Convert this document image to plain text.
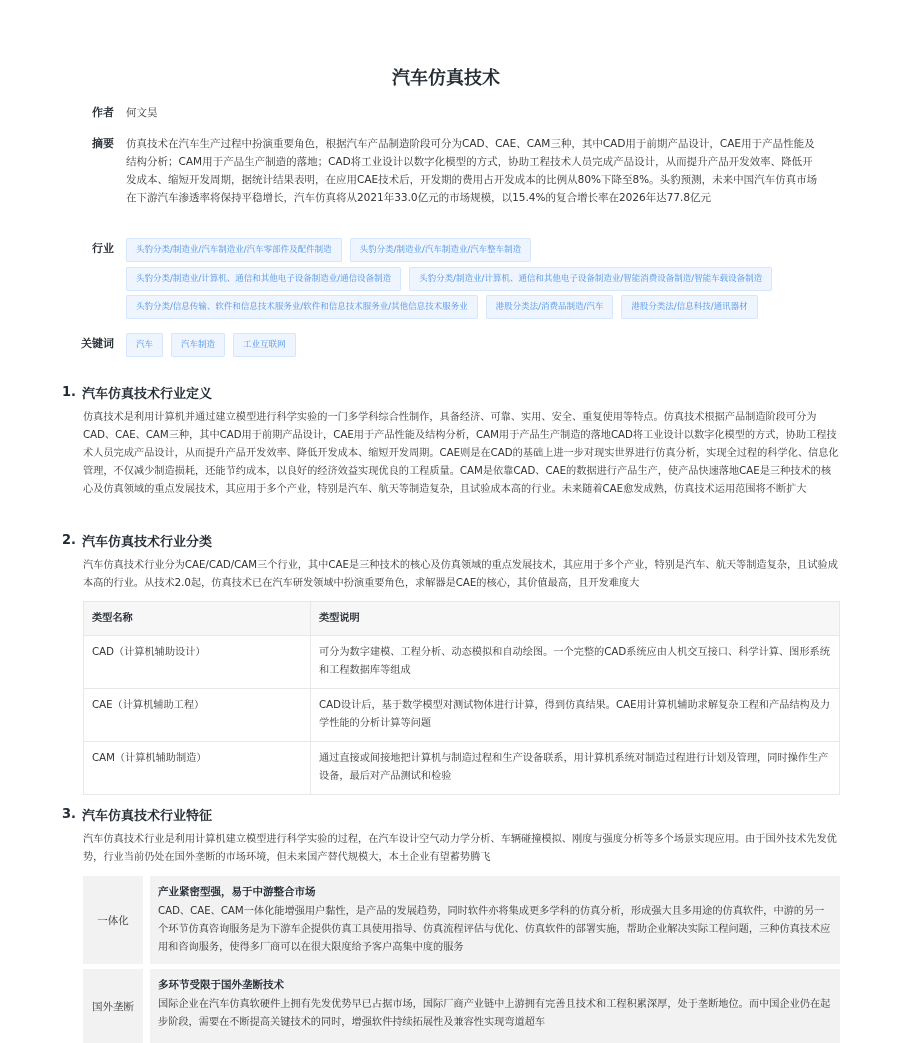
汽车仿真技术
作者 何文昊
摘要 仿真技术在汽车生产过程中扮演重要角色，根据汽车产品制造阶段可分为CAD、CAE、CAM三种，其中CAD用于前期产品设计，CAE用于产品性能及结构分析；CAM用于产品生产制造的落地；CAD将工业设计以数字化模型的方式，协助工程技术人员完成产品设计，从而提升产品开发效率、降低开发成本、缩短开发周期，据统计结果表明，在应用CAE技术后，开发期的费用占开发成本的比例从80%下降至8%。头豹预测，未来中国汽车仿真市场在下游汽车渗透率将保持平稳增长，汽车仿真将从2021年33.0亿元的市场规模，以15.4%的复合增长率在2026年达77.8亿元
行业	头豹分类/制造业/汽车制造业/汽车零部件及配件制造	头豹分类/制造业/汽车制造业/汽车整车制造
头豹分类/制造业/计算机、通信和其他电子设备制造业/通信设备制造	头豹分类/制造业/计算机、通信和其他电子设备制造业/智能消费设备制造/智能车载设备制造
头豹分类/信息传输、软件和信息技术服务业/软件和信息技术服务业/其他信息技术服务业	港股分类法/消费品制造/汽车	港股分类法/信息科技/通讯器材
关键词	汽车	汽车制造	工业互联网
1. 汽车仿真技术行业定义
仿真技术是利用计算机并通过建立模型进行科学实验的一门多学科综合性制作，具备经济、可靠、实用、安全、重复使用等特点。仿真技术根据产品制造阶段可分为CAD、CAE、CAM三种，其中CAD用于前期产品设计，CAE用于产品性能及结构分析，CAM用于产品生产制造的落地CAD将工业设计以数字化模型的方式，协助工程技术人员完成产品设计，从而提升产品开发效率、降低开发成本、缩短开发周期。CAE则是在CAD的基础上进一步对现实世界进行仿真分析，实现全过程的科学化、信息化管理，不仅减少制造损耗，还能节约成本，以良好的经济效益实现优良的工程质量。CAM是依靠CAD、CAE的数据进行产品生产，使产品快速落地CAE是三种技术的核心及仿真领域的重点发展技术，其应用于多个产业，特别是汽车、航天等制造复杂，且试验成本高的行业。未来随着CAE愈发成熟，仿真技术运用范围将不断扩大
2. 汽车仿真技术行业分类
汽车仿真技术行业分为CAE/CAD/CAM三个行业，其中CAE是三种技术的核心及仿真领域的重点发展技术，其应用于多个产业，特别是汽车、航天等制造复杂，且试验成本高的行业。从技术2.0起，仿真技术已在汽车研发领域中扮演重要角色，求解器是CAE的核心，其价值最高，且开发难度大
类型名称	类型说明
CAD（计算机辅助设计）	可分为数字建模、工程分析、动态模拟和自动绘图。一个完整的CAD系统应由人机交互接口、科学计算、图形系统和工程数据库等组成
CAE（计算机辅助工程）	CAD设计后，基于数学模型对测试物体进行计算，得到仿真结果。CAE用计算机辅助求解复杂工程和产品结构及力学性能的分析计算等问题
CAM（计算机辅助制造）	通过直接或间接地把计算机与制造过程和生产设备联系，用计算机系统对制造过程进行计划及管理，同时操作生产设备，最后对产品测试和检验
3. 汽车仿真技术行业特征
汽车仿真技术行业是利用计算机建立模型进行科学实验的过程，在汽车设计空气动力学分析、车辆碰撞模拟、刚度与强度分析等多个场景实现应用。由于国外技术先发优势，行业当前仍处在国外垄断的市场环境，但未来国产替代规模大，本土企业有望蓄势腾飞
一体化
产业紧密型强，易于中游整合市场
CAD、CAE、CAM一体化能增强用户黏性，是产品的发展趋势，同时软件亦将集成更多学科的仿真分析，形成强大且多用途的仿真软件，中游的另一个环节仿真咨询服务是为下游车企提供仿真工具使用指导、仿真流程评估与优化、仿真软件的部署实施，帮助企业解决实际工程问题，三种仿真技术应用和咨询服务，使得多厂商可以在很大限度给予客户高集中度的服务
国外垄断
多环节受限于国外垄断技术
国际企业在汽车仿真软硬件上拥有先发优势早已占据市场，国际厂商产业链中上游拥有完善且技术和工程积累深厚，处于垄断地位。而中国企业仍在起步阶段，需要在不断提高关键技术的同时，增强软件持续拓展性及兼容性实现弯道超车
